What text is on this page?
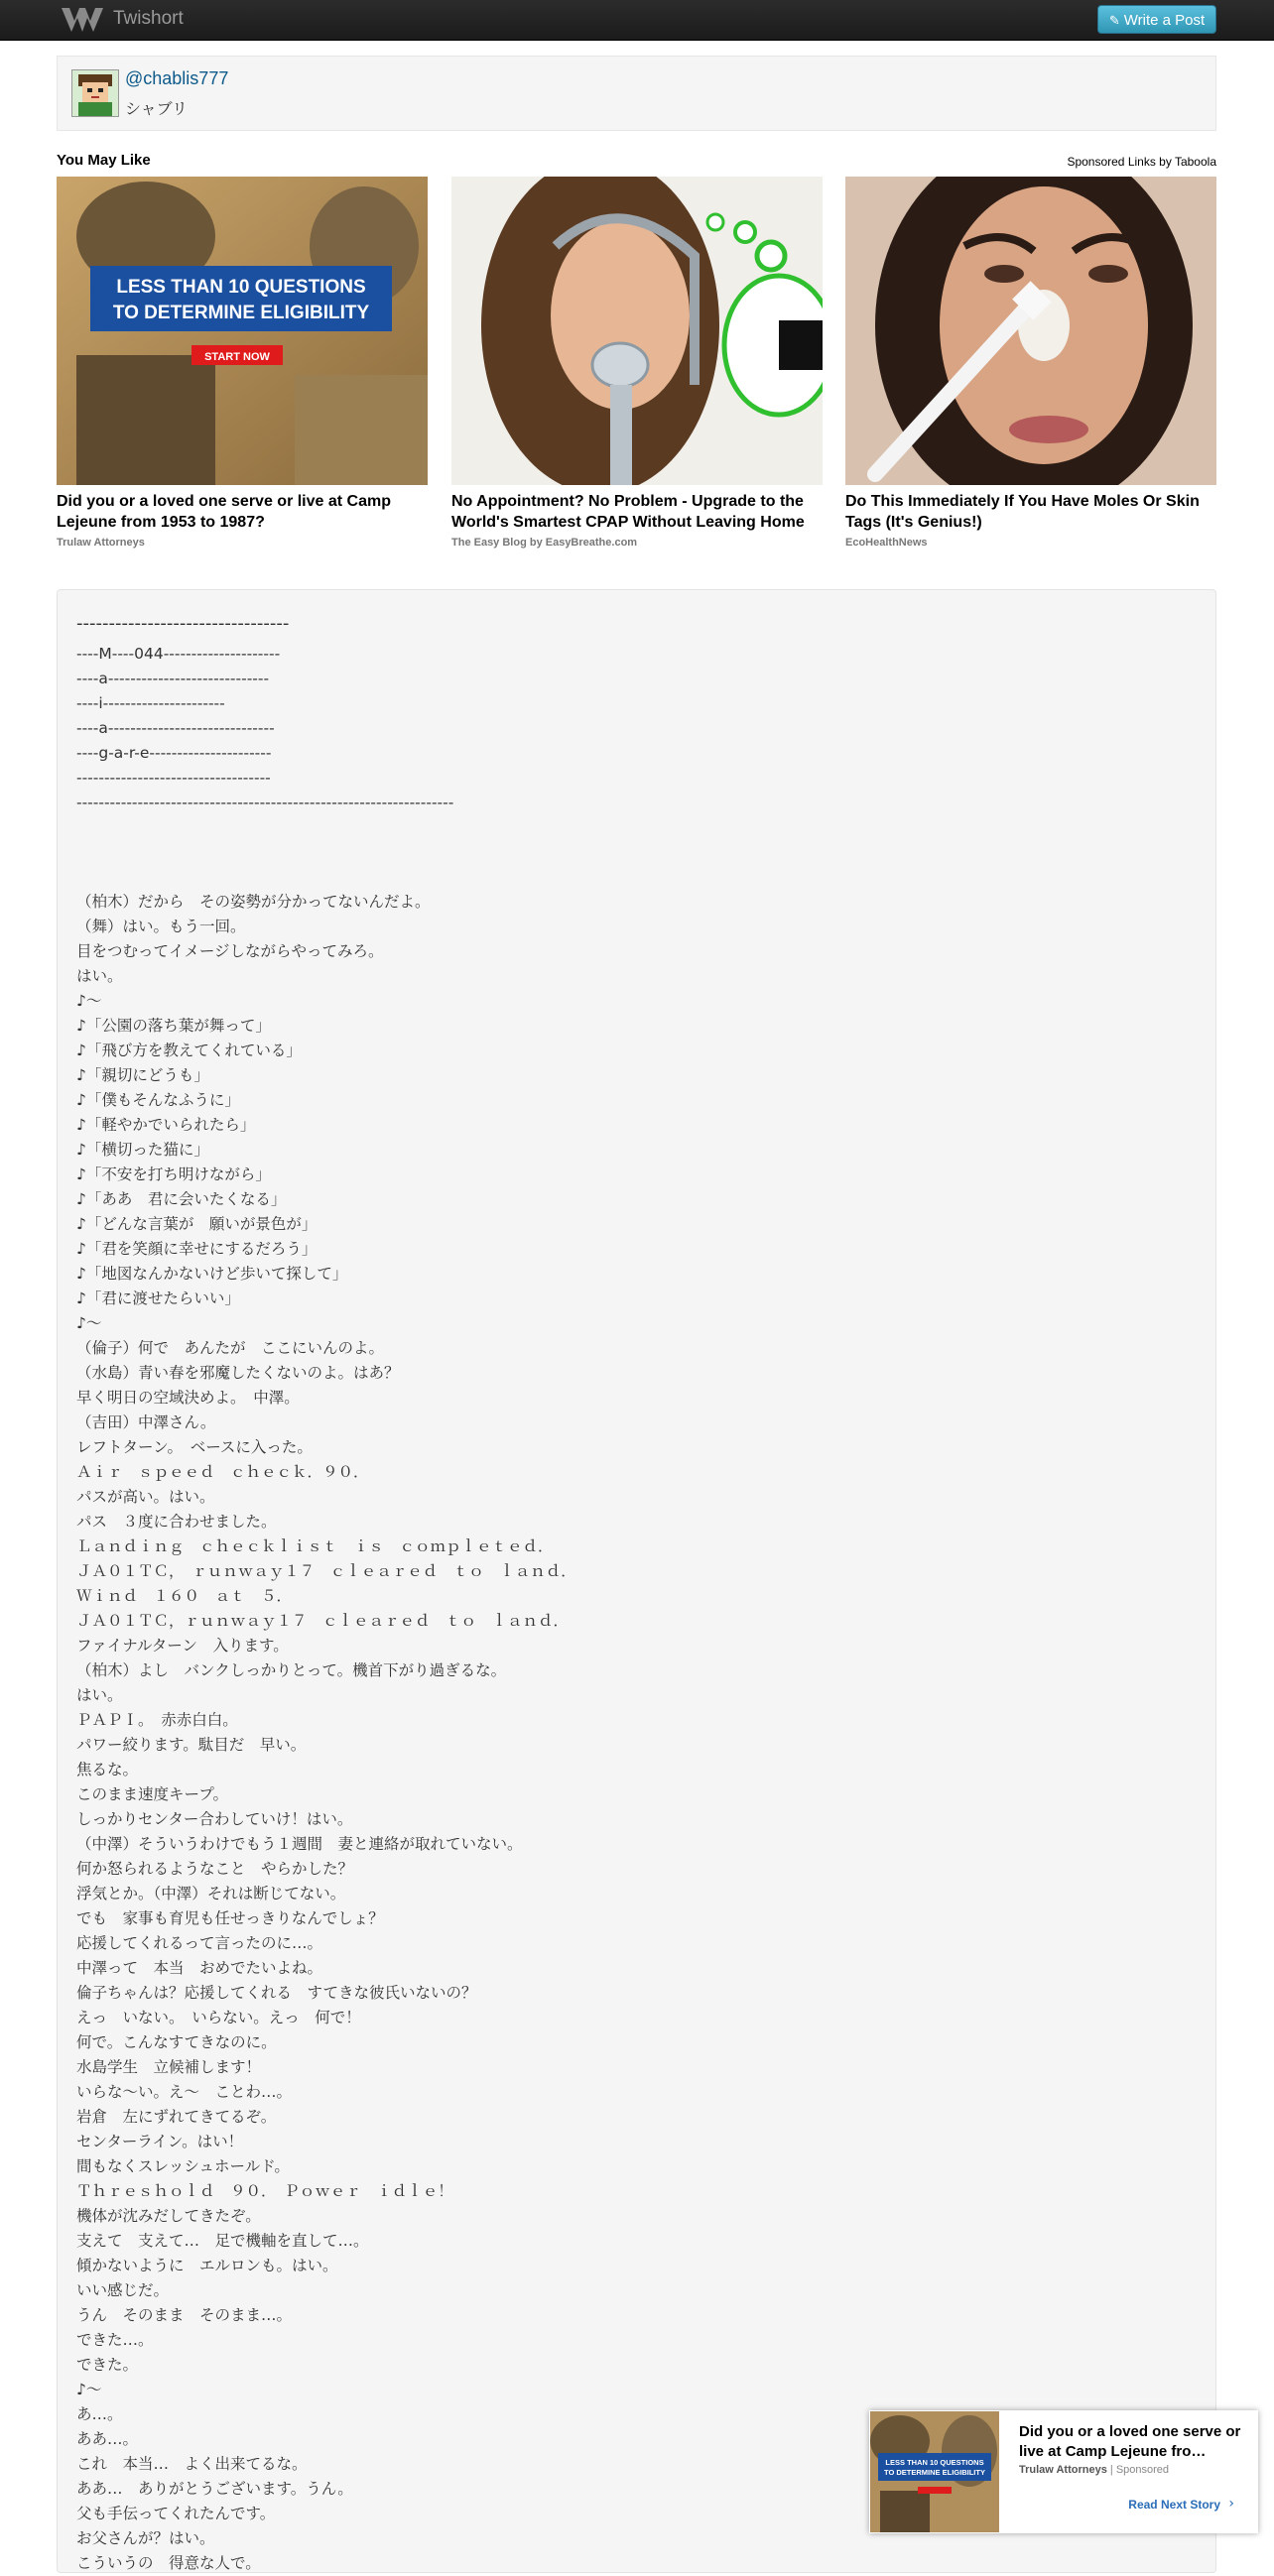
Twishort	✎ Write a Post
@chablis777
シャブリ
You May Like	Sponsored Links by Taboola
LESS THAN 10 QUESTIONS
TO DETERMINE ELIGIBILITY
START NOW
Did you or a loved one serve or live at Camp Lejeune from 1953 to 1987?
Trulaw Attorneys
No Appointment? No Problem - Upgrade to the World's Smartest CPAP Without Leaving Home
The Easy Blog by EasyBreathe.com
Do This Immediately If You Have Moles Or Skin Tags (It's Genius!)
EcoHealthNews
---------------------------------
----M----044---------------------
----a-----------------------------
----i----------------------
----a------------------------------
----g-a-r-e----------------------
-----------------------------------
--------------------------------------------------------------------

（柏木）だから　その姿勢が分かってないんだよ。
（舞）はい。もう一回。
目をつむってイメージしながらやってみろ。
はい。
♪～
♪「公園の落ち葉が舞って」
♪「飛び方を教えてくれている」
♪「親切にどうも」
♪「僕もそんなふうに」
♪「軽やかでいられたら」
♪「横切った猫に」
♪「不安を打ち明けながら」
♪「ああ　君に会いたくなる」
♪「どんな言葉が　願いが景色が」
♪「君を笑顔に幸せにするだろう」
♪「地図なんかないけど歩いて探して」
♪「君に渡せたらいい」
♪～
（倫子）何で　あんたが　ここにいんのよ。
（水島）青い春を邪魔したくないのよ。はあ？
早く明日の空域決めよ。　中澤。
（吉田）中澤さん。
レフトターン。　ベースに入った。
Ａｉｒ　ｓｐｅｅｄ　ｃｈｅｃｋ．９０．
パスが高い。はい。
パス　３度に合わせました。
Ｌａｎｄｉｎｇ　ｃｈｅｃｋｌｉｓｔ　ｉｓ　ｃｏｍｐｌｅｔｅｄ．
ＪＡ０１ＴＣ，　ｒｕｎｗａｙ１７　ｃｌｅａｒｅｄ　ｔｏ　ｌａｎｄ．
Ｗｉｎｄ　１６０　ａｔ　５．
ＪＡ０１ＴＣ，ｒｕｎｗａｙ１７　ｃｌｅａｒｅｄ　ｔｏ　ｌａｎｄ．
ファイナルターン　入ります。
（柏木）よし　バンクしっかりとって。機首下がり過ぎるな。
はい。
ＰＡＰＩ。　赤赤白白。
パワー絞ります。駄目だ　早い。
焦るな。
このまま速度キープ。
しっかりセンター合わしていけ！はい。
（中澤）そういうわけでもう１週間　妻と連絡が取れていない。
何か怒られるようなこと　やらかした？
浮気とか。（中澤）それは断じてない。
でも　家事も育児も任せっきりなんでしょ？
応援してくれるって言ったのに…。
中澤って　本当　おめでたいよね。
倫子ちゃんは？応援してくれる　すてきな彼氏いないの？
えっ　いない。　いらない。えっ　何で！
何で。こんなすてきなのに。
水島学生　立候補します！
いらな～い。え～　ことわ…。
岩倉　左にずれてきてるぞ。
センターライン。はい！
間もなくスレッシュホールド。
Ｔｈｒｅｓｈｏｌｄ　９０．　Ｐｏｗｅｒ　ｉｄｌｅ！
機体が沈みだしてきたぞ。
支えて　支えて…　足で機軸を直して…。
傾かないように　エルロンも。はい。
いい感じだ。
うん　そのまま　そのまま…。
できた…。
できた。
♪～
あ…。
ああ…。
これ　本当…　よく出来てるな。
ああ…　ありがとうございます。うん。
父も手伝ってくれたんです。
お父さんが？はい。
こういうの　得意な人で。
LESS THAN 10 QUESTIONS
TO DETERMINE ELIGIBILITY
Did you or a loved one serve or live at Camp Lejeune fro…
Trulaw Attorneys | Sponsored
Read Next Story ›
